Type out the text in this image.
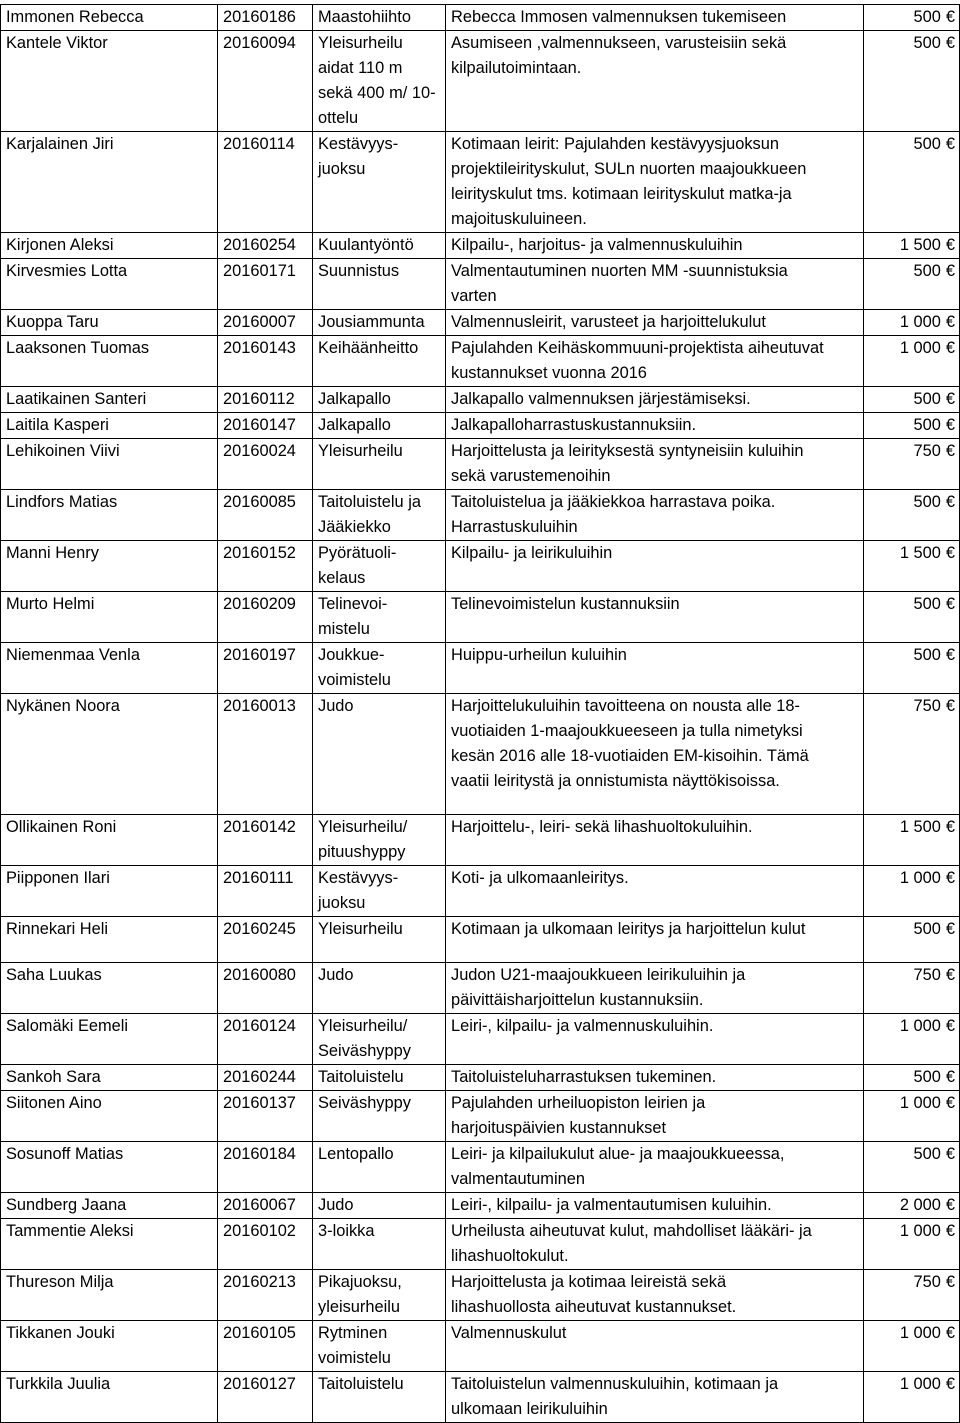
Immonen Rebecca	20160186	Maastohiihto	Rebecca Immosen valmennuksen tukemiseen	500 €

Kantele Viktor	20160094	Yleisurheilu
aidat 110 m
sekä 400 m/ 10-
ottelu	Asumiseen ,valmennukseen, varusteisiin sekä
kilpailutoimintaan.	500 €

Karjalainen Jiri	20160114	Kestävyys-
juoksu	Kotimaan leirit: Pajulahden kestävyysjuoksun
projektileirityskulut, SULn nuorten maajoukkueen
leirityskulut tms. kotimaan leirityskulut matka-ja
majoituskuluineen.	500 €

Kirjonen Aleksi	20160254	Kuulantyöntö	Kilpailu-, harjoitus- ja valmennuskuluihin	1 500 €

Kirvesmies Lotta	20160171	Suunnistus	Valmentautuminen nuorten MM -suunnistuksia
varten	500 €

Kuoppa Taru	20160007	Jousiammunta	Valmennusleirit, varusteet ja harjoittelukulut	1 000 €

Laaksonen Tuomas	20160143	Keihäänheitto	Pajulahden Keihäskommuuni-projektista aiheutuvat
kustannukset vuonna 2016	1 000 €

Laatikainen Santeri	20160112	Jalkapallo	Jalkapallo valmennuksen järjestämiseksi.	500 €

Laitila Kasperi	20160147	Jalkapallo	Jalkapalloharrastuskustannuksiin.	500 €

Lehikoinen Viivi	20160024	Yleisurheilu	Harjoittelusta ja leirityksestä syntyneisiin kuluihin
sekä varustemenoihin	750 €

Lindfors Matias	20160085	Taitoluistelu ja
Jääkiekko	Taitoluistelua ja jääkiekkoa harrastava poika.
Harrastuskuluihin	500 €

Manni Henry	20160152	Pyörätuoli-
kelaus	Kilpailu- ja leirikuluihin	1 500 €

Murto Helmi	20160209	Telinevoi-
mistelu	Telinevoimistelun kustannuksiin	500 €

Niemenmaa Venla	20160197	Joukkue-
voimistelu	Huippu-urheilun kuluihin	500 €

Nykänen Noora	20160013	Judo	Harjoittelukuluihin tavoitteena on nousta alle 18-
vuotiaiden 1-maajoukkueeseen ja tulla nimetyksi
kesän 2016 alle 18-vuotiaiden EM-kisoihin. Tämä
vaatii leiritystä ja onnistumista näyttökisoissa.	750 €

Ollikainen Roni	20160142	Yleisurheilu/
pituushyppy	Harjoittelu-, leiri- sekä lihashuoltokuluihin.	1 500 €

Piipponen Ilari	20160111	Kestävyys-
juoksu	Koti- ja ulkomaanleiritys.	1 000 €

Rinnekari Heli	20160245	Yleisurheilu	Kotimaan ja ulkomaan leiritys ja harjoittelun kulut	500 €

Saha Luukas	20160080	Judo	Judon U21-maajoukkueen leirikuluihin ja
päivittäisharjoittelun kustannuksiin.	750 €

Salomäki Eemeli	20160124	Yleisurheilu/
Seiväshyppy	Leiri-, kilpailu- ja valmennuskuluihin.	1 000 €

Sankoh Sara	20160244	Taitoluistelu	Taitoluisteluharrastuksen tukeminen.	500 €

Siitonen Aino	20160137	Seiväshyppy	Pajulahden urheiluopiston leirien ja
harjoituspäivien kustannukset	1 000 €

Sosunoff Matias	20160184	Lentopallo	Leiri- ja kilpailukulut alue- ja maajoukkueessa,
valmentautuminen	500 €

Sundberg Jaana	20160067	Judo	Leiri-, kilpailu- ja valmentautumisen kuluihin.	2 000 €

Tammentie Aleksi	20160102	3-loikka	Urheilusta aiheutuvat kulut, mahdolliset lääkäri- ja
lihashuoltokulut.	1 000 €

Thureson Milja	20160213	Pikajuoksu,
yleisurheilu	Harjoittelusta ja kotimaa leireistä sekä
lihashuollosta aiheutuvat kustannukset.	750 €

Tikkanen Jouki	20160105	Rytminen
voimistelu	Valmennuskulut	1 000 €

Turkkila Juulia	20160127	Taitoluistelu	Taitoluistelun valmennuskuluihin, kotimaan ja
ulkomaan leirikuluihin	1 000 €
